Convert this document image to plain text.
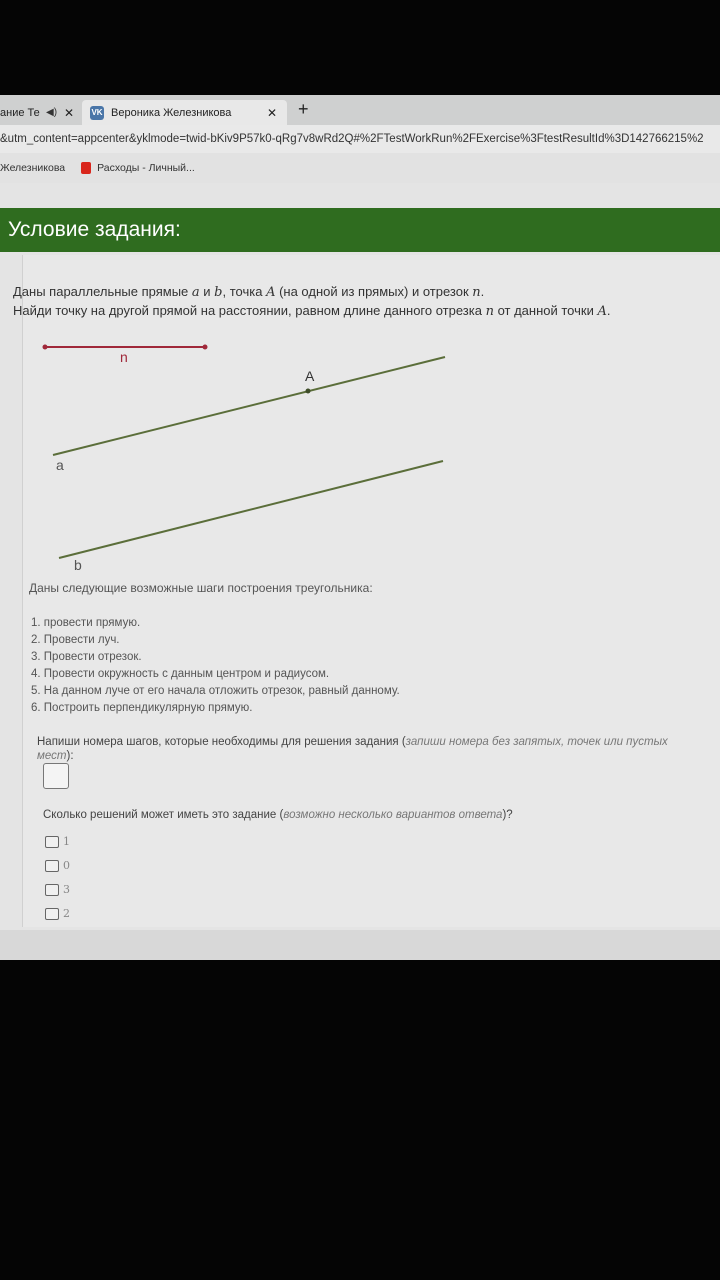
ание Те ◀) ✕ VK Вероника Железникова	✕ +
&utm_content=appcenter&yklmode=twid-bKiv9P57k0-qRg7v8wRd2Q#%2FTestWorkRun%2FExercise%3FtestResultId%3D142766215%2
Железникова	Расходы - Личный...
Условие задания:
Даны параллельные прямые a и b, точка A (на одной из прямых) и отрезок n.
Найди точку на другой прямой на расстоянии, равном длине данного отрезка n от данной точки A.
n
A
a
b
Даны следующие возможные шаги построения треугольника:
1. провести прямую.
2. Провести луч.
3. Провести отрезок.
4. Провести окружность с данным центром и радиусом.
5. На данном луче от его начала отложить отрезок, равный данному.
6. Построить перпендикулярную прямую.
Напиши номера шагов, которые необходимы для решения задания (запиши номера без запятых, точек или пустых мест):
Сколько решений может иметь это задание (возможно несколько вариантов ответа)?
1
0
3
2
